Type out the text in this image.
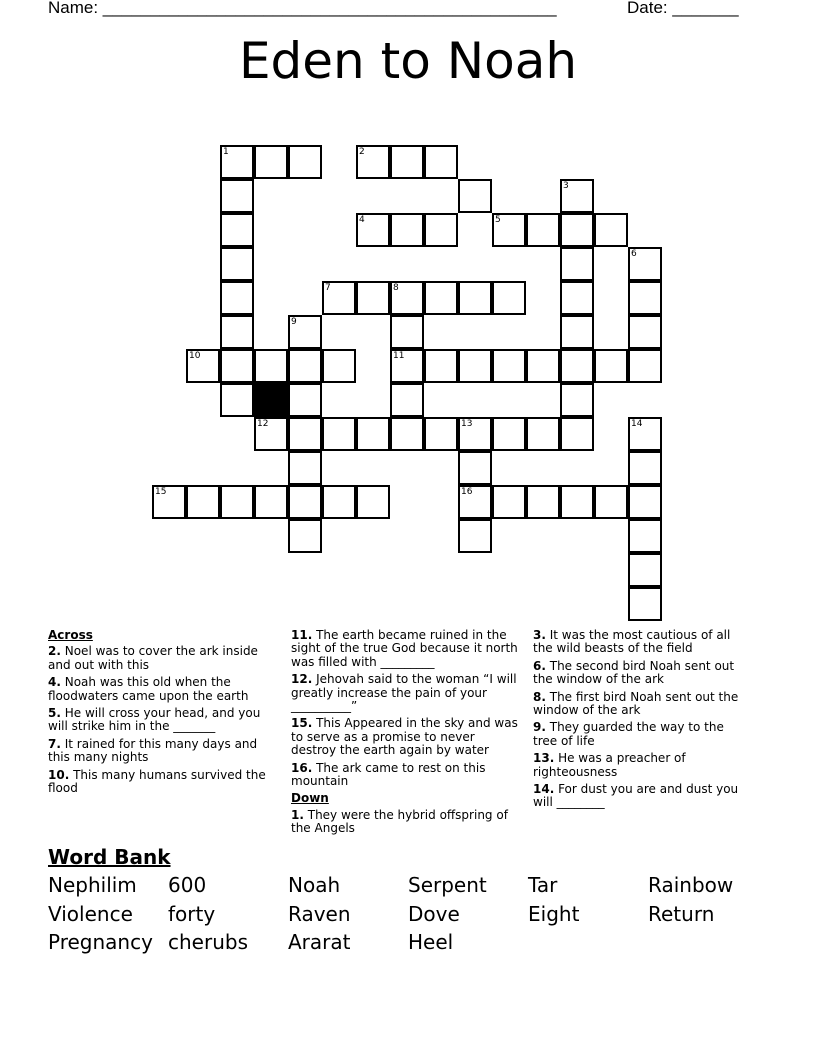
Name: ________________________________________________	Date: _______
Eden to Noah
1	2
3
4	5
6
7	8
11
9
10
12	13
16
15
14
Across
2. Noel was to cover the ark inside and out with this
4. Noah was this old when the floodwaters came upon the earth
5. He will cross your head, and you will strike him in the _______
7. It rained for this many days and this many nights
10. This many humans survived the flood
11. The earth became ruined in the sight of the true God because it north was filled with _________
12. Jehovah said to the woman “I will greatly increase the pain of your __________”
15. This Appeared in the sky and was to serve as a promise to never destroy the earth again by water
16. The ark came to rest on this mountain
Down
1. They were the hybrid offspring of the Angels
3. It was the most cautious of all the wild beasts of the field
6. The second bird Noah sent out the window of the ark
8. The first bird Noah sent out the window of the ark
9. They guarded the way to the tree of life
13. He was a preacher of righteousness
14. For dust you are and dust you will ________
Word Bank
Nephilim 600	Noah	Serpent Tar	Rainbow
Violence forty	Raven	Dove	Eight	Return
Pregnancy cherubs Ararat	Heel
